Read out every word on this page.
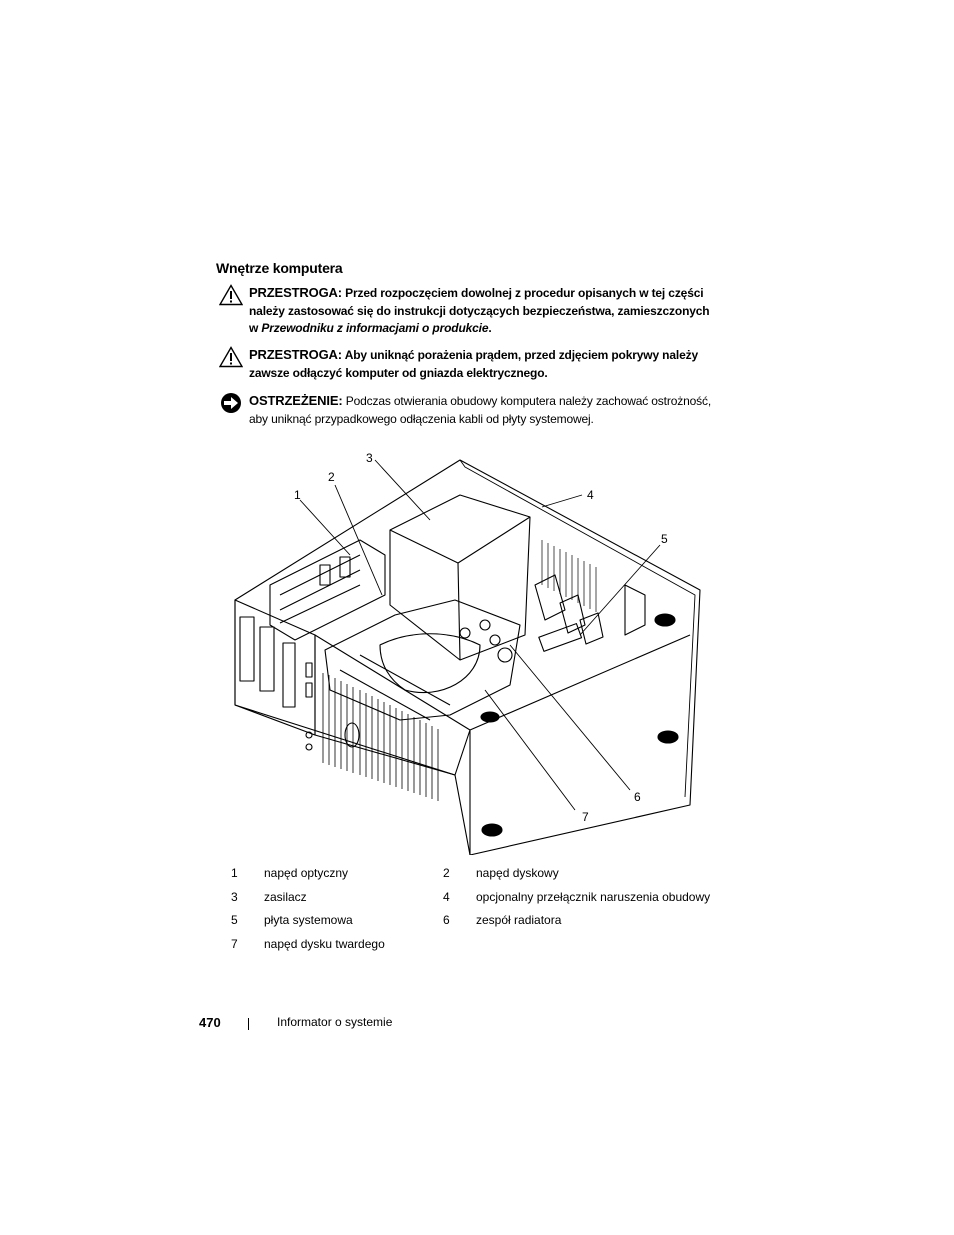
Wnętrze komputera
PRZESTROGA: Przed rozpoczęciem dowolnej z procedur opisanych w tej części należy zastosować się do instrukcji dotyczących bezpieczeństwa, zamieszczonych w Przewodniku z informacjami o produkcie.
PRZESTROGA: Aby uniknąć porażenia prądem, przed zdjęciem pokrywy należy zawsze odłączyć komputer od gniazda elektrycznego.
OSTRZEŻENIE: Podczas otwierania obudowy komputera należy zachować ostrożność, aby uniknąć przypadkowego odłączenia kabli od płyty systemowej.
1
2
3
4
5
6
7
1	napęd optyczny	2	napęd dyskowy
3	zasilacz	4	opcjonalny przełącznik naruszenia obudowy
5	płyta systemowa	6	zespół radiatora
7	napęd dysku twardego
470	Informator o systemie
